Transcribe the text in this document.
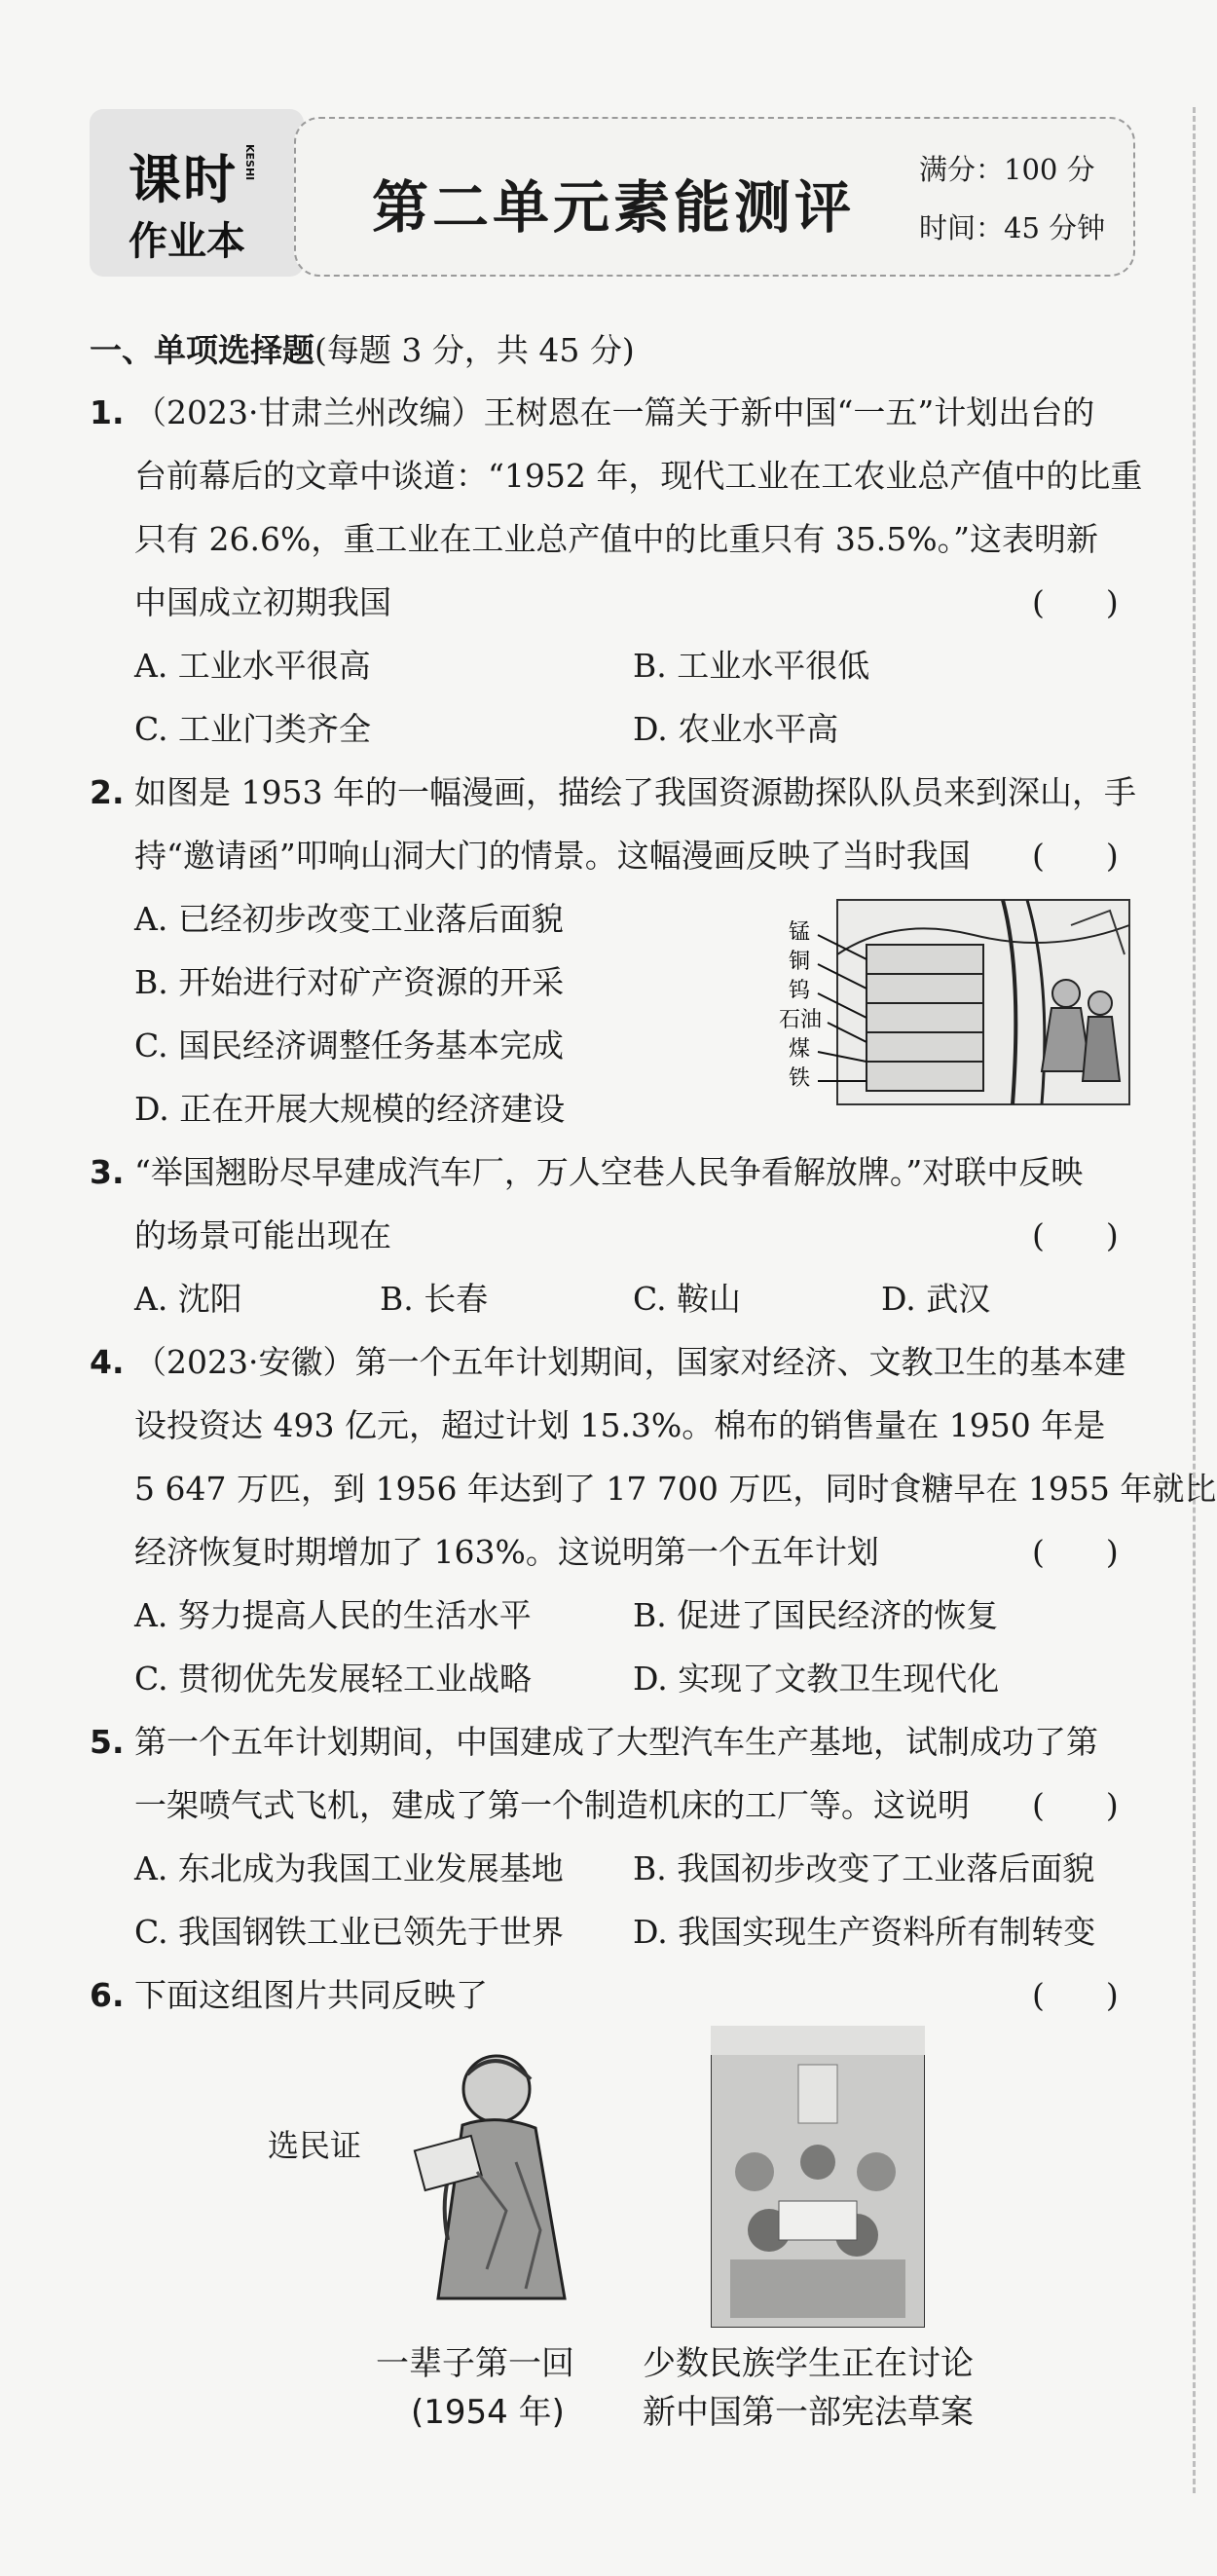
课时 KESHI
作业本
第二单元素能测评
满分：100 分
时间：45 分钟
一、单项选择题(每题 3 分，共 45 分)
1. （2023·甘肃兰州改编）王树恩在一篇关于新中国“一五”计划出台的
台前幕后的文章中谈道：“1952 年，现代工业在工农业总产值中的比重
只有 26.6%，重工业在工业总产值中的比重只有 35.5%。”这表明新
中国成立初期我国	(      )
A. 工业水平很高	B. 工业水平很低
C. 工业门类齐全	D. 农业水平高
2. 如图是 1953 年的一幅漫画，描绘了我国资源勘探队队员来到深山，手
持“邀请函”叩响山洞大门的情景。这幅漫画反映了当时我国 (      )
A. 已经初步改变工业落后面貌
B. 开始进行对矿产资源的开采
C. 国民经济调整任务基本完成
D. 正在开展大规模的经济建设
锰
铜
钨
石油
煤
铁
3. “举国翘盼尽早建成汽车厂，万人空巷人民争看解放牌。”对联中反映
的场景可能出现在	(      )
A. 沈阳	B. 长春	C. 鞍山	D. 武汉
4. （2023·安徽）第一个五年计划期间，国家对经济、文教卫生的基本建
设投资达 493 亿元，超过计划 15.3%。棉布的销售量在 1950 年是
5 647 万匹，到 1956 年达到了 17 700 万匹，同时食糖早在 1955 年就比
经济恢复时期增加了 163%。这说明第一个五年计划	(      )
A. 努力提高人民的生活水平	B. 促进了国民经济的恢复
C. 贯彻优先发展轻工业战略	D. 实现了文教卫生现代化
5. 第一个五年计划期间，中国建成了大型汽车生产基地，试制成功了第
一架喷气式飞机，建成了第一个制造机床的工厂等。这说明 (      )
A. 东北成为我国工业发展基地 B. 我国初步改变了工业落后面貌
C. 我国钢铁工业已领先于世界 D. 我国实现生产资料所有制转变
6. 下面这组图片共同反映了	(      )
选民证
一辈子第一回
(1954 年)
少数民族学生正在讨论
新中国第一部宪法草案
